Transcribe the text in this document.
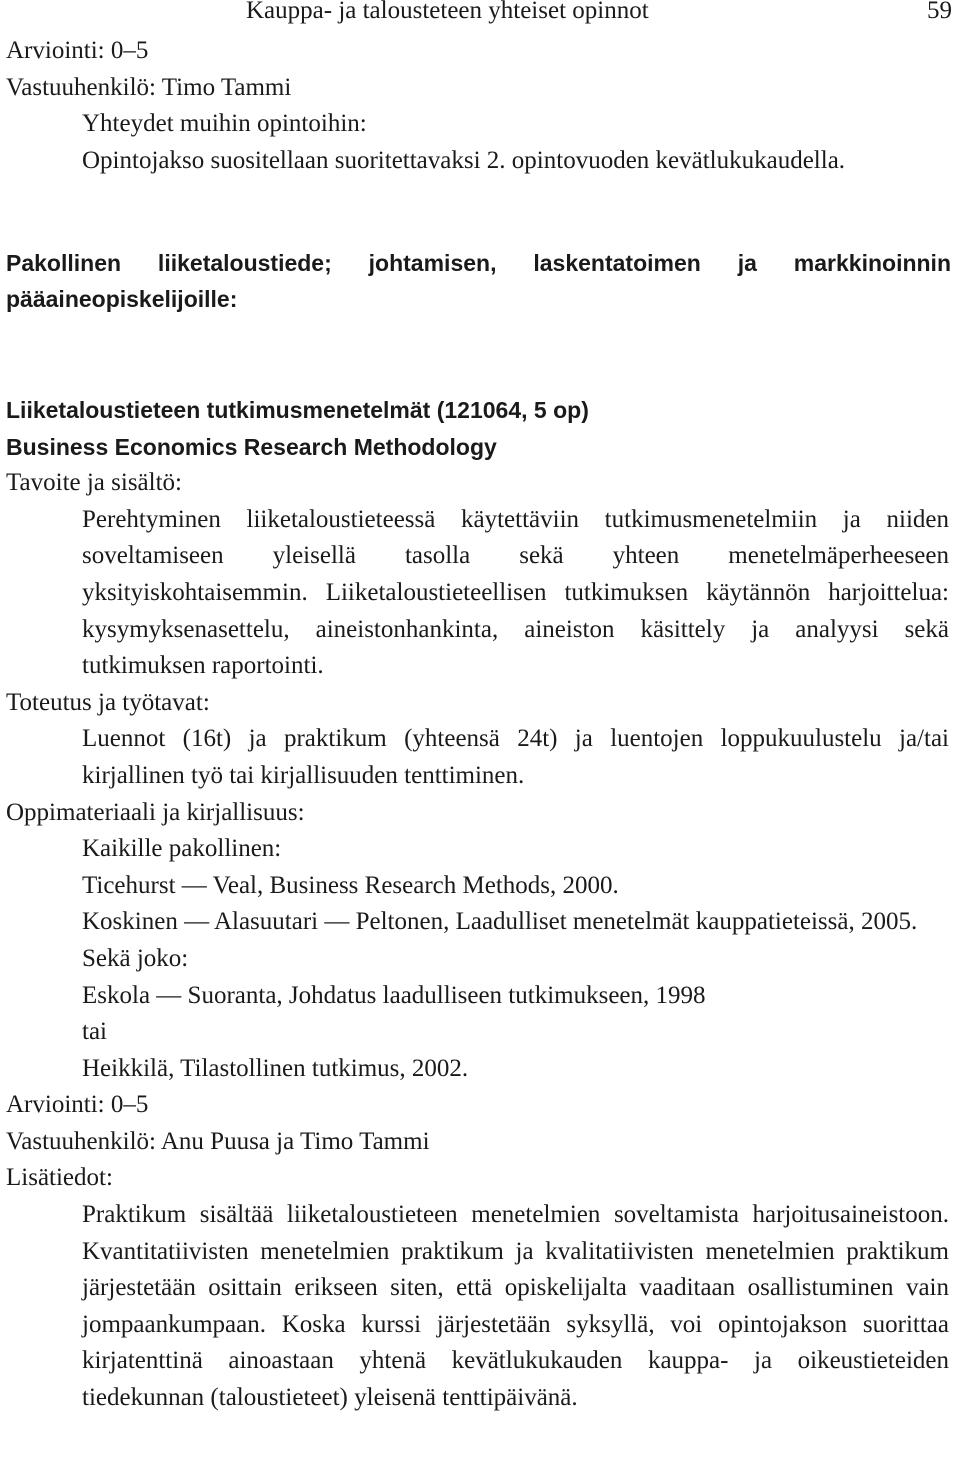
Kauppa- ja talousteteen yhteiset opinnot	59
Arviointi: 0–5
Vastuuhenkilö: Timo Tammi
Yhteydet muihin opintoihin:
Opintojakso suositellaan suoritettavaksi 2. opintovuoden kevätlukukaudella.
Pakollinen liiketaloustiede; johtamisen, laskentatoimen ja markkinoinnin pääaineopiskelijoille:
Liiketaloustieteen tutkimusmenetelmät (121064, 5 op)
Business Economics Research Methodology
Tavoite ja sisältö:
Perehtyminen liiketaloustieteessä käytettäviin tutkimusmenetelmiin ja niiden soveltamiseen yleisellä tasolla sekä yhteen menetelmäperheeseen yksityiskohtaisemmin. Liiketaloustieteellisen tutkimuksen käytännön harjoittelua: kysymyksenasettelu, aineistonhankinta, aineiston käsittely ja analyysi sekä tutkimuksen raportointi.
Toteutus ja työtavat:
Luennot (16t) ja praktikum (yhteensä 24t) ja luentojen loppukuulustelu ja/tai kirjallinen työ tai kirjallisuuden tenttiminen.
Oppimateriaali ja kirjallisuus:
Kaikille pakollinen:
Ticehurst — Veal, Business Research Methods, 2000.
Koskinen — Alasuutari — Peltonen, Laadulliset menetelmät kauppatieteissä, 2005.
Sekä joko:
Eskola — Suoranta, Johdatus laadulliseen tutkimukseen, 1998
tai
Heikkilä, Tilastollinen tutkimus, 2002.
Arviointi: 0–5
Vastuuhenkilö: Anu Puusa ja Timo Tammi
Lisätiedot:
Praktikum sisältää liiketaloustieteen menetelmien soveltamista harjoitusaineistoon. Kvantitatiivisten menetelmien praktikum ja kvalitatiivisten menetelmien praktikum järjestetään osittain erikseen siten, että opiskelijalta vaaditaan osallistuminen vain jompaankumpaan. Koska kurssi järjestetään syksyllä, voi opintojakson suorittaa kirjatenttinä ainoastaan yhtenä kevätlukukauden kauppa- ja oikeustieteiden tiedekunnan (taloustieteet) yleisenä tenttipäivänä.
